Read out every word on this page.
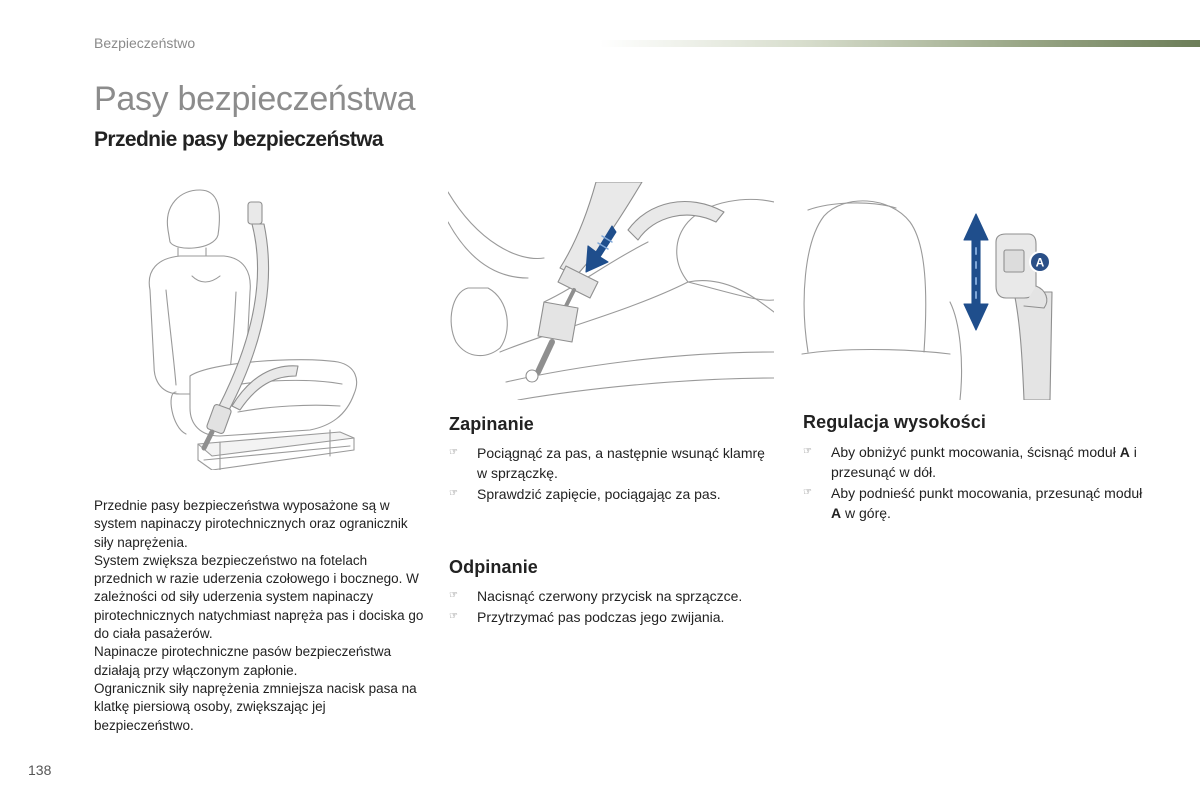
Bezpieczeństwo
Pasy bezpieczeństwa
Przednie pasy bezpieczeństwa
A

Przednie pasy bezpieczeństwa wyposażone są w system napinaczy pirotechnicznych oraz ogranicznik siły naprężenia.

System zwiększa bezpieczeństwo na fotelach przednich w razie uderzenia czołowego i bocznego. W zależności od siły uderzenia system napinaczy pirotechnicznych natychmiast napręża pas i dociska go do ciała pasażerów.

Napinacze pirotechniczne pasów bezpieczeństwa działają przy włączonym zapłonie.

Ogranicznik siły naprężenia zmniejsza nacisk pasa na klatkę piersiową osoby, zwiększając jej bezpieczeństwo.

Zapinanie
☞ Pociągnąć za pas, a następnie wsunąć klamrę w sprzączkę.
☞ Sprawdzić zapięcie, pociągając za pas.
Odpinanie
☞ Nacisnąć czerwony przycisk na sprzączce.
☞ Przytrzymać pas podczas jego zwijania.
Regulacja wysokości
☞ Aby obniżyć punkt mocowania, ścisnąć moduł A i przesunąć w dół.
☞ Aby podnieść punkt mocowania, przesunąć moduł A w górę.
138
